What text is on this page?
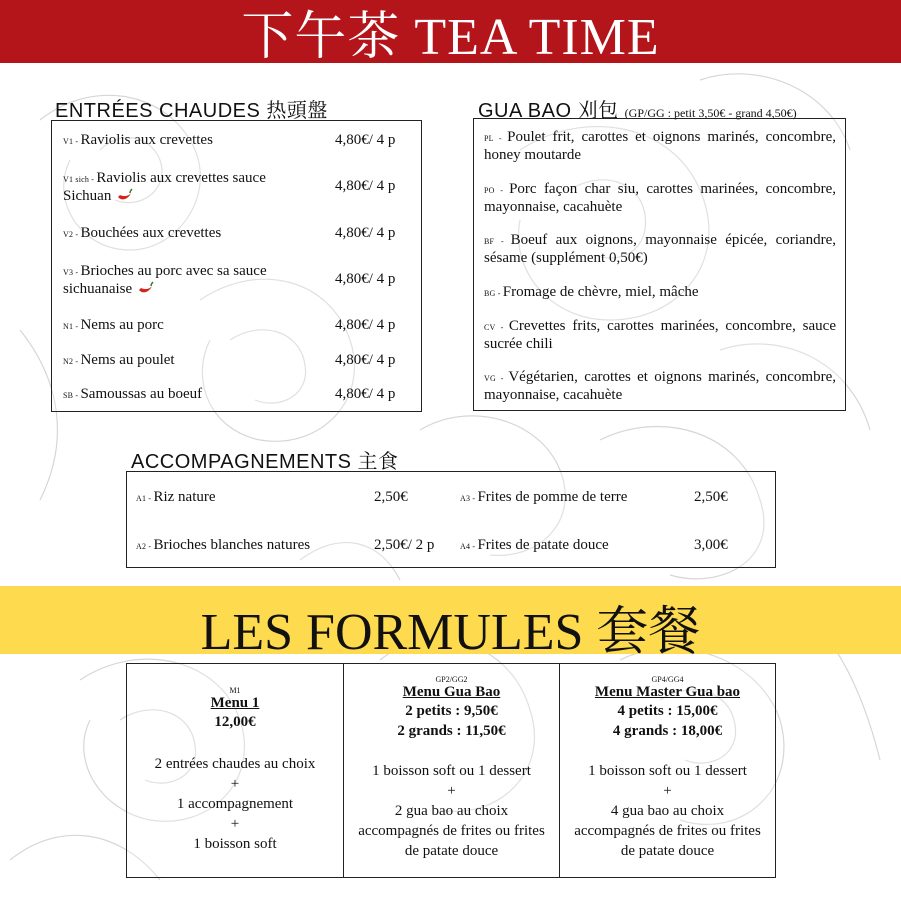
下午茶 TEA TIME
ENTRÉES CHAUDES 热頭盤
V1 - Raviolis aux crevettes	4,80€/ 4 p
V1 sich - Raviolis aux crevettes sauce
Sichuan
4,80€/ 4 p
V2 - Bouchées aux crevettes	4,80€/ 4 p
V3 - Brioches au porc avec sa sauce
sichuanaise
4,80€/ 4 p
N1 - Nems au porc	4,80€/ 4 p
N2 - Nems au poulet	4,80€/ 4 p
SB - Samoussas au boeuf	4,80€/ 4 p
GUA BAO 刈包 (GP/GG : petit 3,50€ - grand 4,50€)
PL - Poulet frit, carottes et oignons marinés, concombre, honey moutarde
PO - Porc façon char siu, carottes marinées, concombre, mayonnaise, cacahuète
BF - Boeuf aux oignons, mayonnaise épicée, coriandre, sésame (supplément 0,50€)
BG - Fromage de chèvre, miel, mâche
CV - Crevettes frits, carottes marinées, concombre, sauce sucrée chili
VG - Végétarien, carottes et oignons marinés, concombre, mayonnaise, cacahuète
ACCOMPAGNEMENTS 主食
A1 - Riz nature	2,50€	A3 - Frites de pomme de terre	2,50€
A2 - Brioches blanches natures	2,50€/ 2 p	A4 - Frites de patate douce	3,00€
LES FORMULES 套餐
M1
Menu 1
12,00€
2 entrées chaudes au choix
+
1 accompagnement
+
1 boisson soft
GP2/GG2
Menu Gua Bao
2 petits : 9,50€
2 grands : 11,50€
1 boisson soft ou 1 dessert
+
2 gua bao au choix
accompagnés de frites ou frites
de patate douce
GP4/GG4
Menu Master Gua bao
4 petits : 15,00€
4 grands : 18,00€
1 boisson soft ou 1 dessert
+
4 gua bao au choix
accompagnés de frites ou frites
de patate douce
